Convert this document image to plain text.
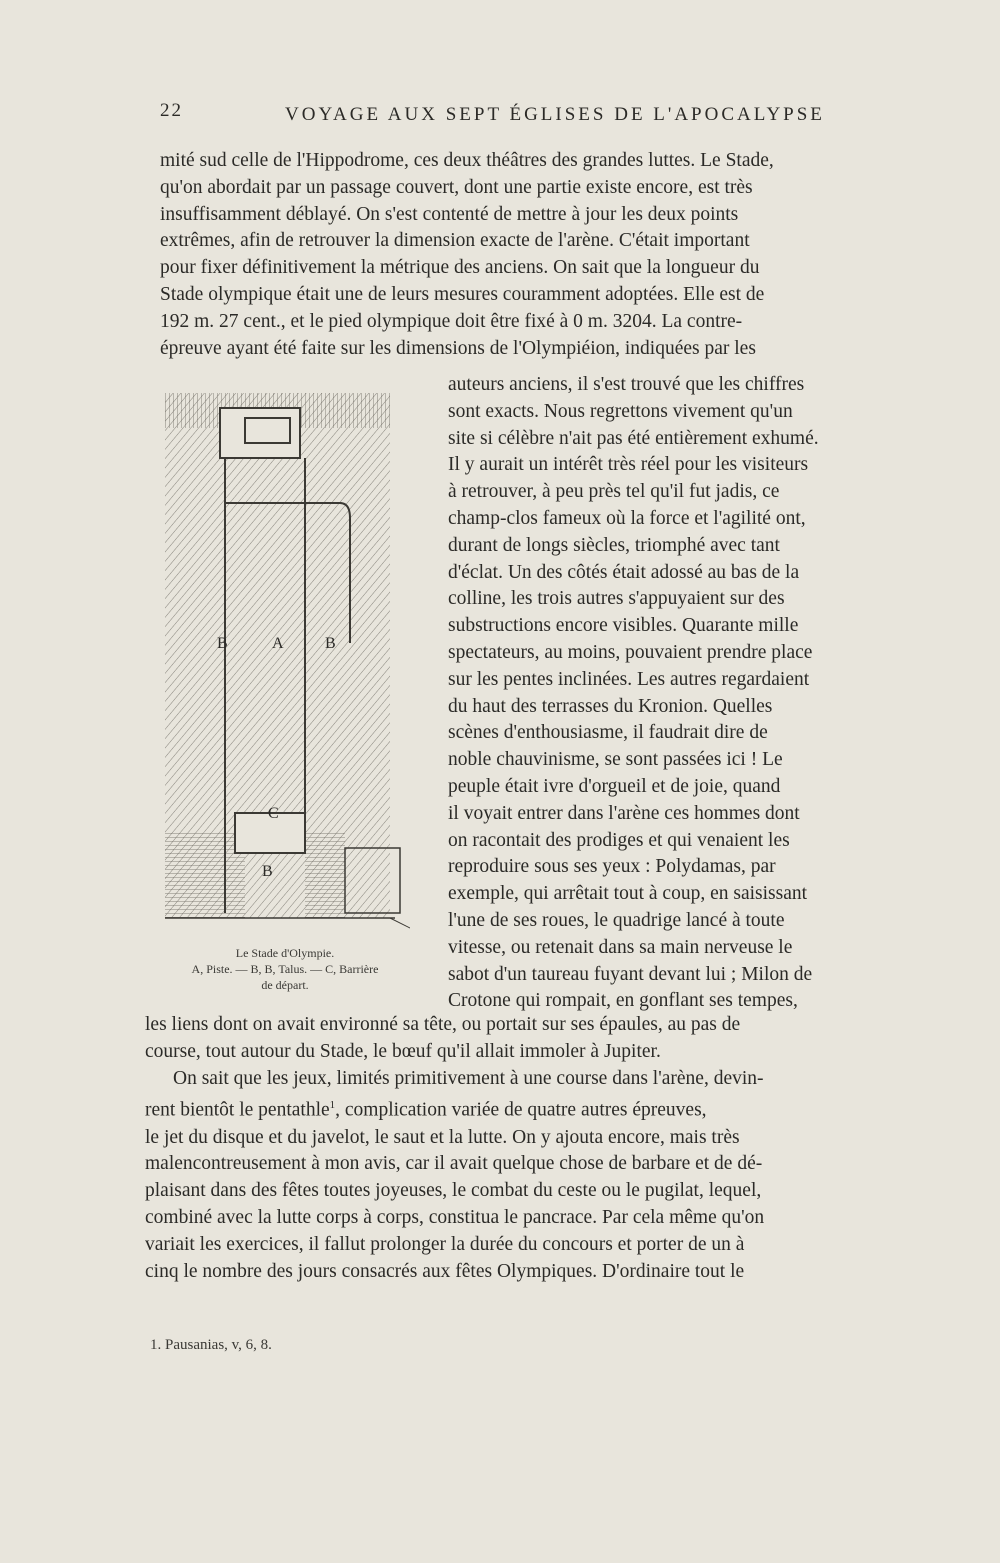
22	VOYAGE AUX SEPT ÉGLISES DE L'APOCALYPSE
mité sud celle de l'Hippodrome, ces deux théâtres des grandes luttes. Le Stade,
qu'on abordait par un passage couvert, dont une partie existe encore, est très
insuffisamment déblayé. On s'est contenté de mettre à jour les deux points
extrêmes, afin de retrouver la dimension exacte de l'arène. C'était important
pour fixer définitivement la métrique des anciens. On sait que la longueur du
Stade olympique était une de leurs mesures couramment adoptées. Elle est de
192 m. 27 cent., et le pied olympique doit être fixé à 0 m. 3204. La contre-
épreuve ayant été faite sur les dimensions de l'Olympiéion, indiquées par les
B	A	B
C
B
Le Stade d'Olympie.
A, Piste. — B, B, Talus. — C, Barrière
de départ.
auteurs anciens, il s'est trouvé que les chiffres
sont exacts. Nous regrettons vivement qu'un
site si célèbre n'ait pas été entièrement exhumé.
Il y aurait un intérêt très réel pour les visiteurs
à retrouver, à peu près tel qu'il fut jadis, ce
champ-clos fameux où la force et l'agilité ont,
durant de longs siècles, triomphé avec tant
d'éclat. Un des côtés était adossé au bas de la
colline, les trois autres s'appuyaient sur des
substructions encore visibles. Quarante mille
spectateurs, au moins, pouvaient prendre place
sur les pentes inclinées. Les autres regardaient
du haut des terrasses du Kronion. Quelles
scènes d'enthousiasme, il faudrait dire de
noble chauvinisme, se sont passées ici ! Le
peuple était ivre d'orgueil et de joie, quand
il voyait entrer dans l'arène ces hommes dont
on racontait des prodiges et qui venaient les
reproduire sous ses yeux : Polydamas, par
exemple, qui arrêtait tout à coup, en saisissant
l'une de ses roues, le quadrige lancé à toute
vitesse, ou retenait dans sa main nerveuse le
sabot d'un taureau fuyant devant lui ; Milon de
Crotone qui rompait, en gonflant ses tempes,
les liens dont on avait environné sa tête, ou portait sur ses épaules, au pas de
course, tout autour du Stade, le bœuf qu'il allait immoler à Jupiter.
On sait que les jeux, limités primitivement à une course dans l'arène, devin-
rent bientôt le pentathle$^1$, complication variée de quatre autres épreuves,
le jet du disque et du javelot, le saut et la lutte. On y ajouta encore, mais très
malencontreusement à mon avis, car il avait quelque chose de barbare et de dé-
plaisant dans des fêtes toutes joyeuses, le combat du ceste ou le pugilat, lequel,
combiné avec la lutte corps à corps, constitua le pancrace. Par cela même qu'on
variait les exercices, il fallut prolonger la durée du concours et porter de un à
cinq le nombre des jours consacrés aux fêtes Olympiques. D'ordinaire tout le
1. Pausanias, v, 6, 8.
